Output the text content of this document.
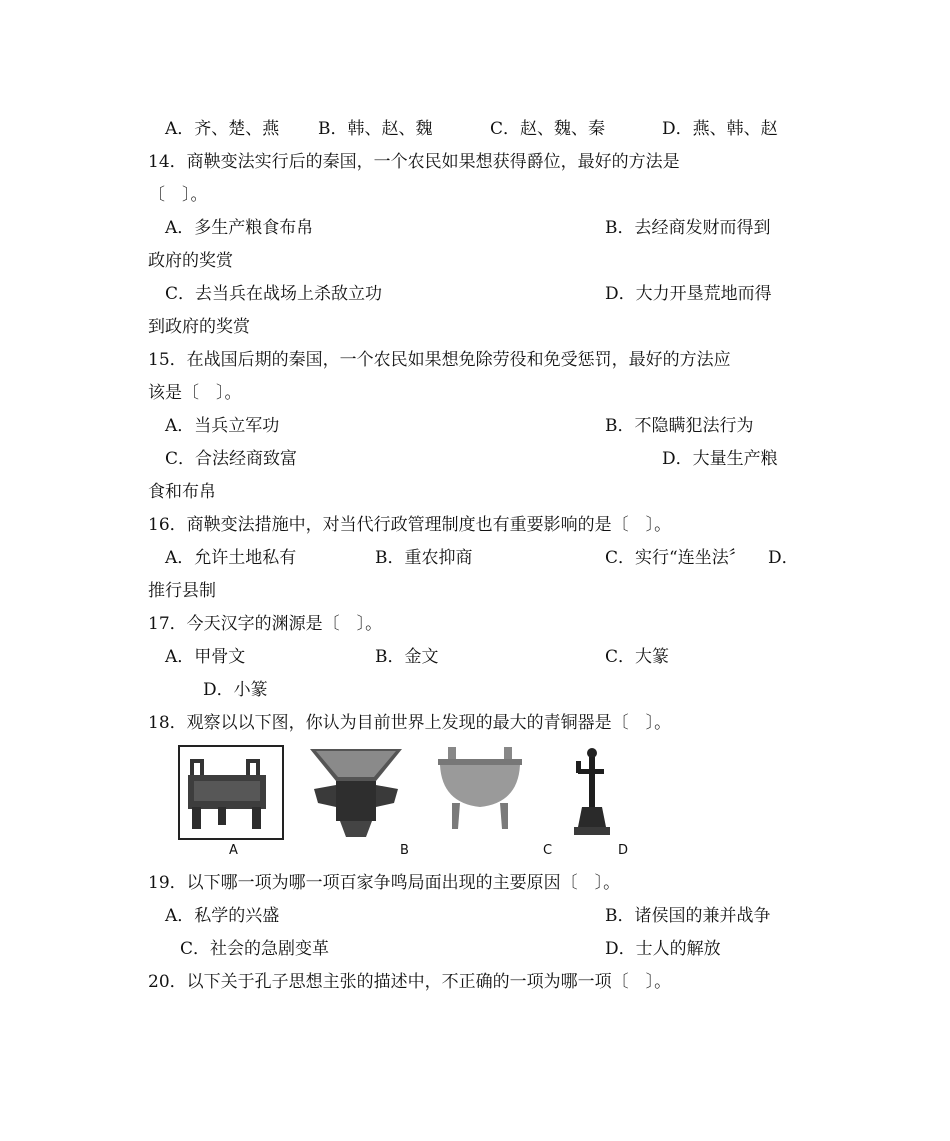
A．齐、楚、燕 B．韩、赵、魏	C．赵、魏、秦	D．燕、韩、赵
14．商鞅变法实行后的秦国，一个农民如果想获得爵位，最好的方法是
〔　〕。
A．多生产粮食布帛	B．去经商发财而得到
政府的奖赏
C．去当兵在战场上杀敌立功	D．大力开垦荒地而得
到政府的奖赏
15．在战国后期的秦国，一个农民如果想免除劳役和免受惩罚，最好的方法应
该是〔　〕。
A．当兵立军功	B．不隐瞒犯法行为
C．合法经商致富	D．大量生产粮
食和布帛
16．商鞅变法措施中，对当代行政管理制度也有重要影响的是〔　〕。
A．允许土地私有	B．重农抑商	C．实行“连坐法〞 D．
推行县制
17．今天汉字的渊源是〔　〕。
A．甲骨文	B．金文	C．大篆
D．小篆
18．观察以以下图，你认为目前世界上发现的最大的青铜器是〔　〕。
A	B	C	D
19．以下哪一项为哪一项百家争鸣局面出现的主要原因〔　〕。
A．私学的兴盛	B．诸侯国的兼并战争
C．社会的急剧变革	D．士人的解放
20．以下关于孔子思想主张的描述中，不正确的一项为哪一项〔　〕。
